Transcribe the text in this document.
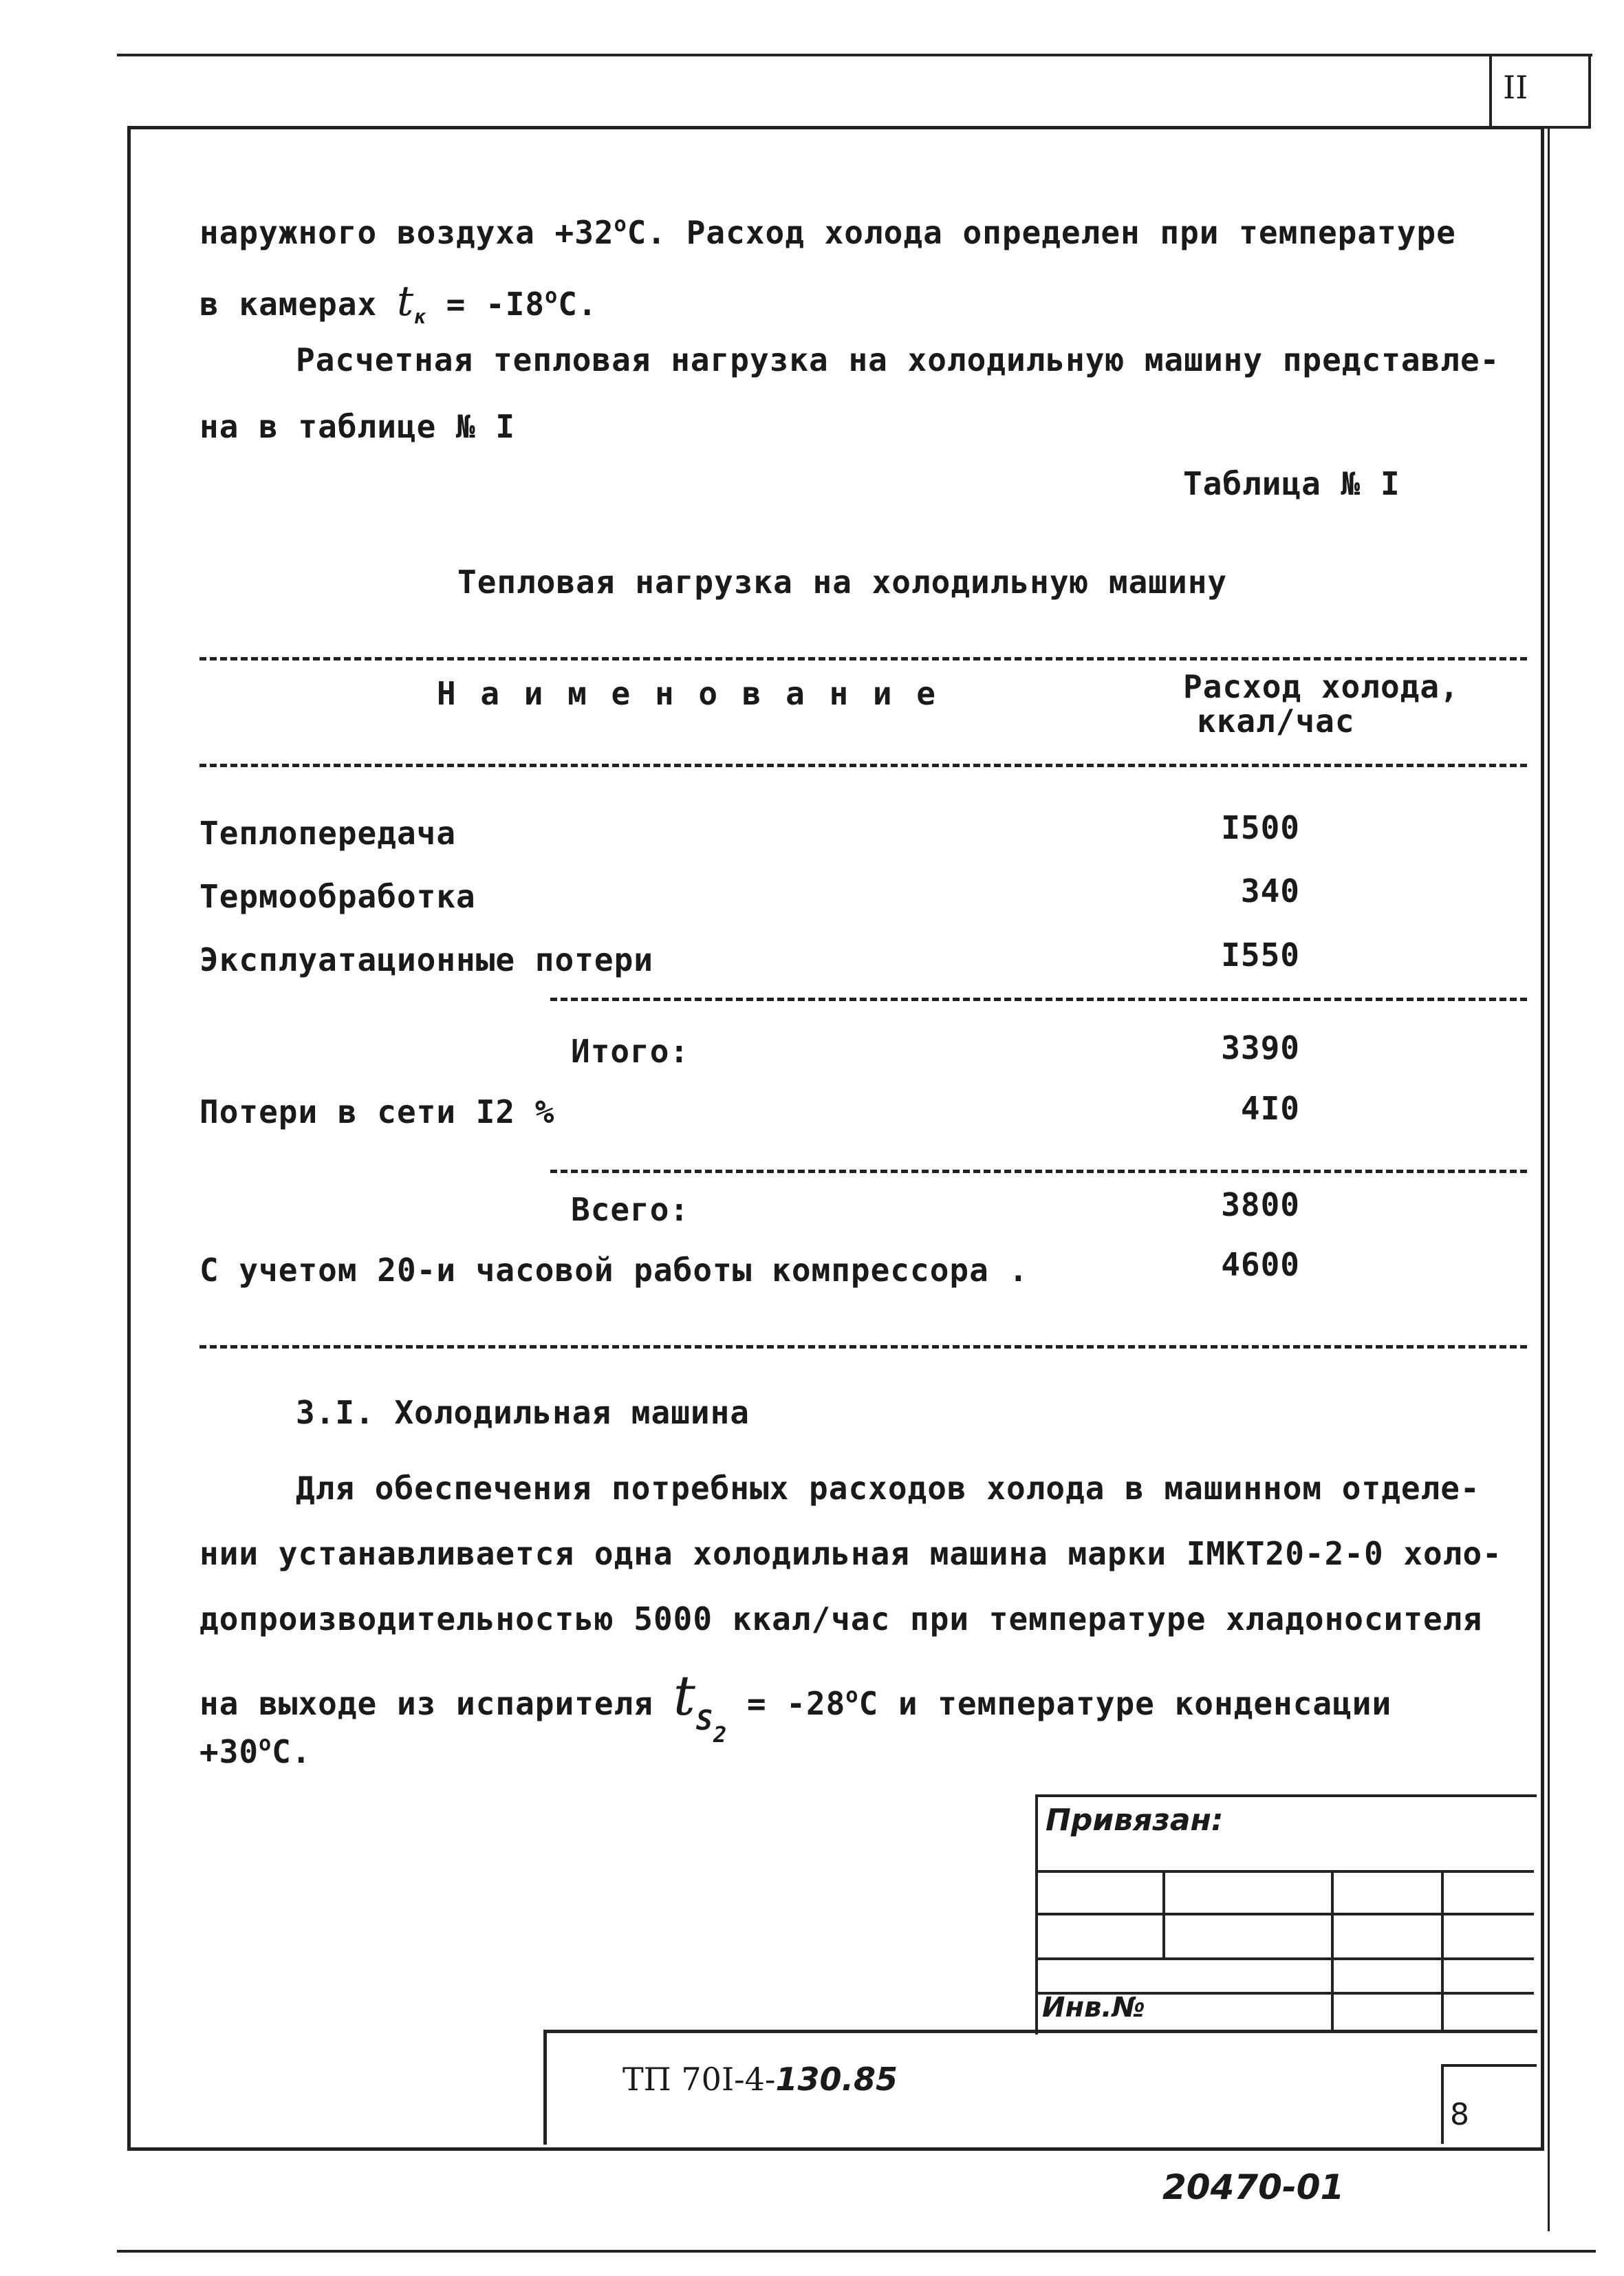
II
наружного воздуха $+32^оС$. Расход холода определен при температуре
в камерах $t_к = -I8^оС$.
Расчетная тепловая нагрузка на холодильную машину представле-
на в таблице № I
Таблица № I
Тепловая нагрузка на холодильную машину
Н а и м е н о в а н и е	Расход холода,
ккал/час
Теплопередача	I500
Термообработка	340
Эксплуатационные потери	I550
Итого:	3390
Потери в сети I2 %	4I0
Всего:	3800
С учетом 20-и часовой работы компрессора .	4600
3.I. Холодильная машина
Для обеспечения потребных расходов холода в машинном отделе-
нии устанавливается одна холодильная машина марки IМКТ20-2-0 холо-
допроизводительностью 5000 ккал/час при температуре хладоносителя
на выходе из испарителя $tS_2 = -28^оС$ и температуре конденсации
$+30^оС$.
Привязан:
Инв.№
ТП 70I-4-130.85
8
20470-01
